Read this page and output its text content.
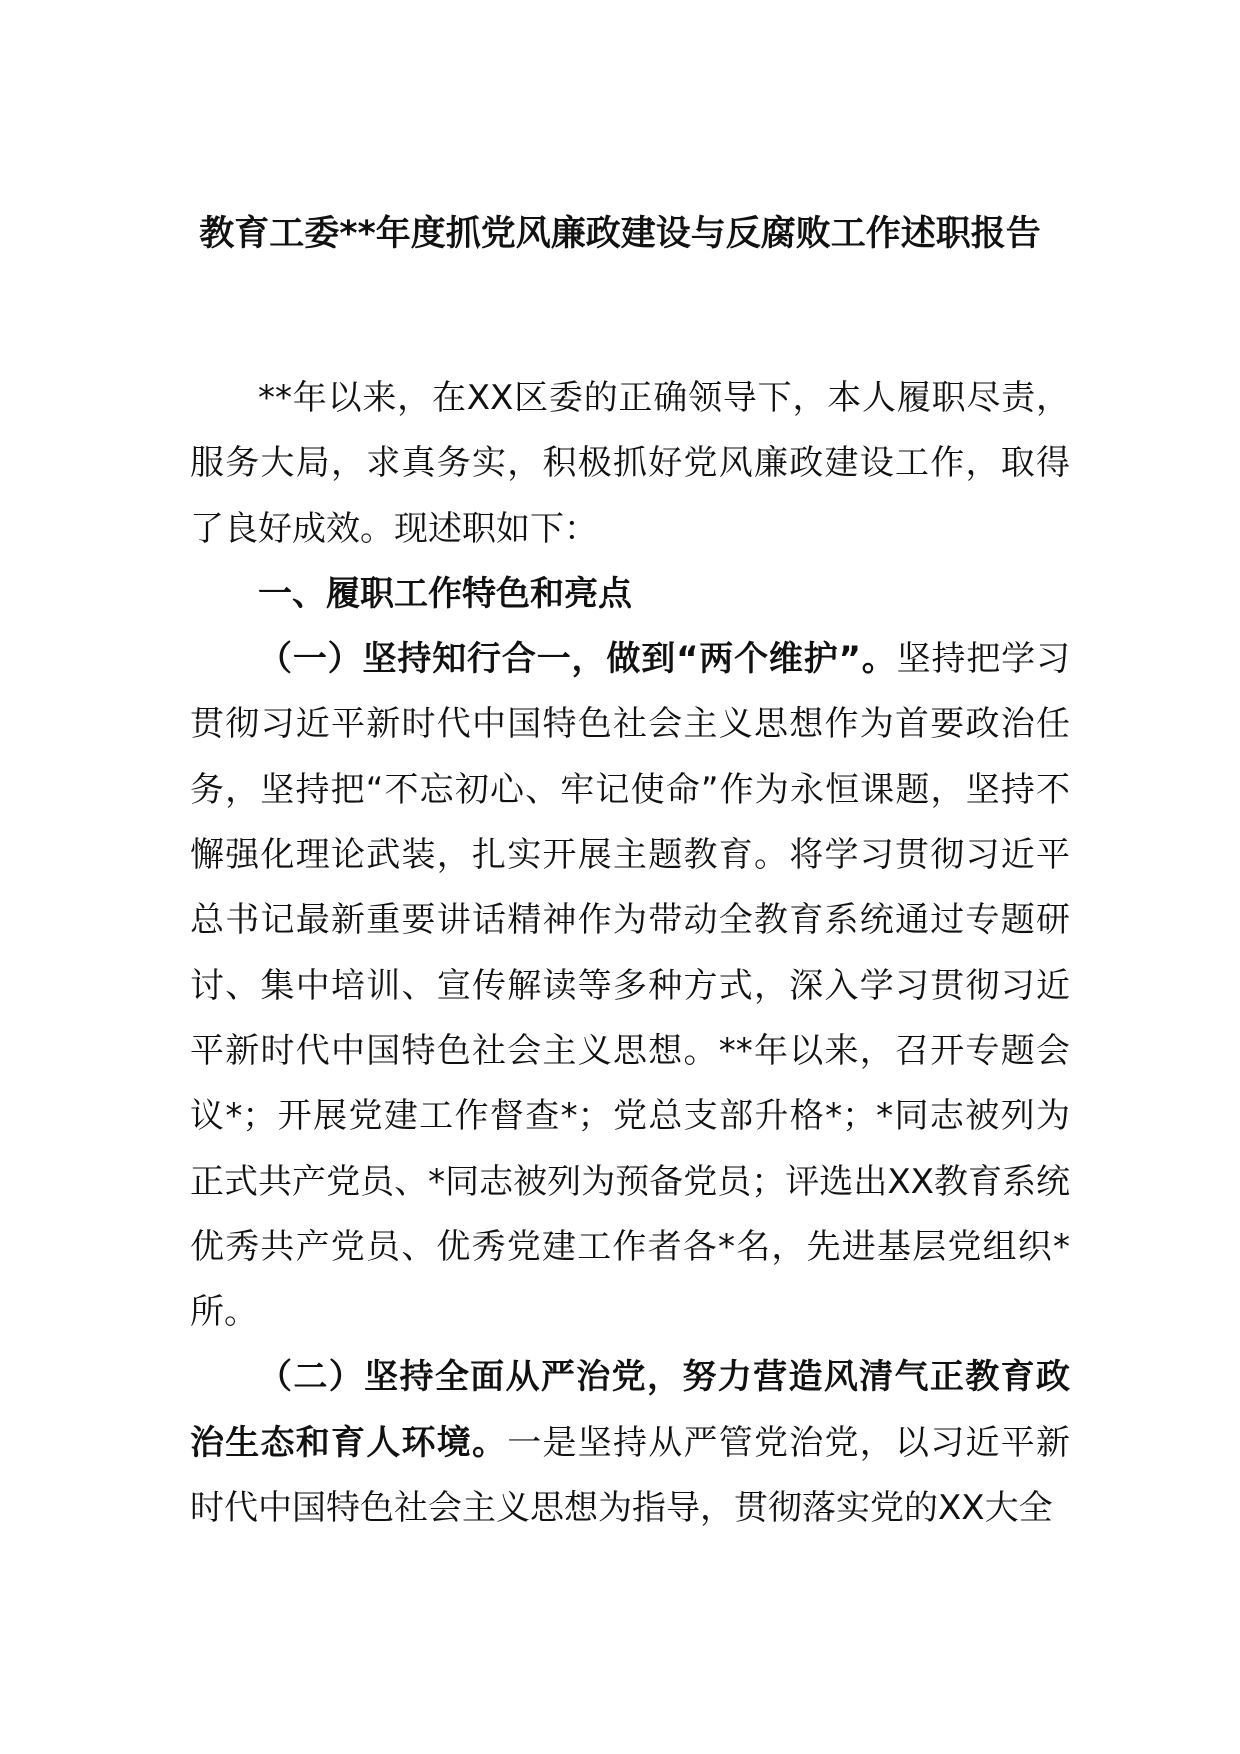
教育工委**年度抓党风廉政建设与反腐败工作述职报告

**年以来，在XX区委的正确领导下，本人履职尽责，服务大局，求真务实，积极抓好党风廉政建设工作，取得了良好成效。现述职如下：

一、履职工作特色和亮点

（一）坚持知行合一，做到“两个维护”。坚持把学习贯彻习近平新时代中国特色社会主义思想作为首要政治任务，坚持把“不忘初心、牢记使命”作为永恒课题，坚持不懈强化理论武装，扎实开展主题教育。将学习贯彻习近平总书记最新重要讲话精神作为带动全教育系统通过专题研讨、集中培训、宣传解读等多种方式，深入学习贯彻习近平新时代中国特色社会主义思想。**年以来，召开专题会议*；开展党建工作督查*；党总支部升格*；*同志被列为正式共产党员、*同志被列为预备党员；评选出XX教育系统优秀共产党员、优秀党建工作者各*名，先进基层党组织*所。

（二）坚持全面从严治党，努力营造风清气正教育政治生态和育人环境。一是坚持从严管党治党，以习近平新时代中国特色社会主义思想为指导，贯彻落实党的XX大全
